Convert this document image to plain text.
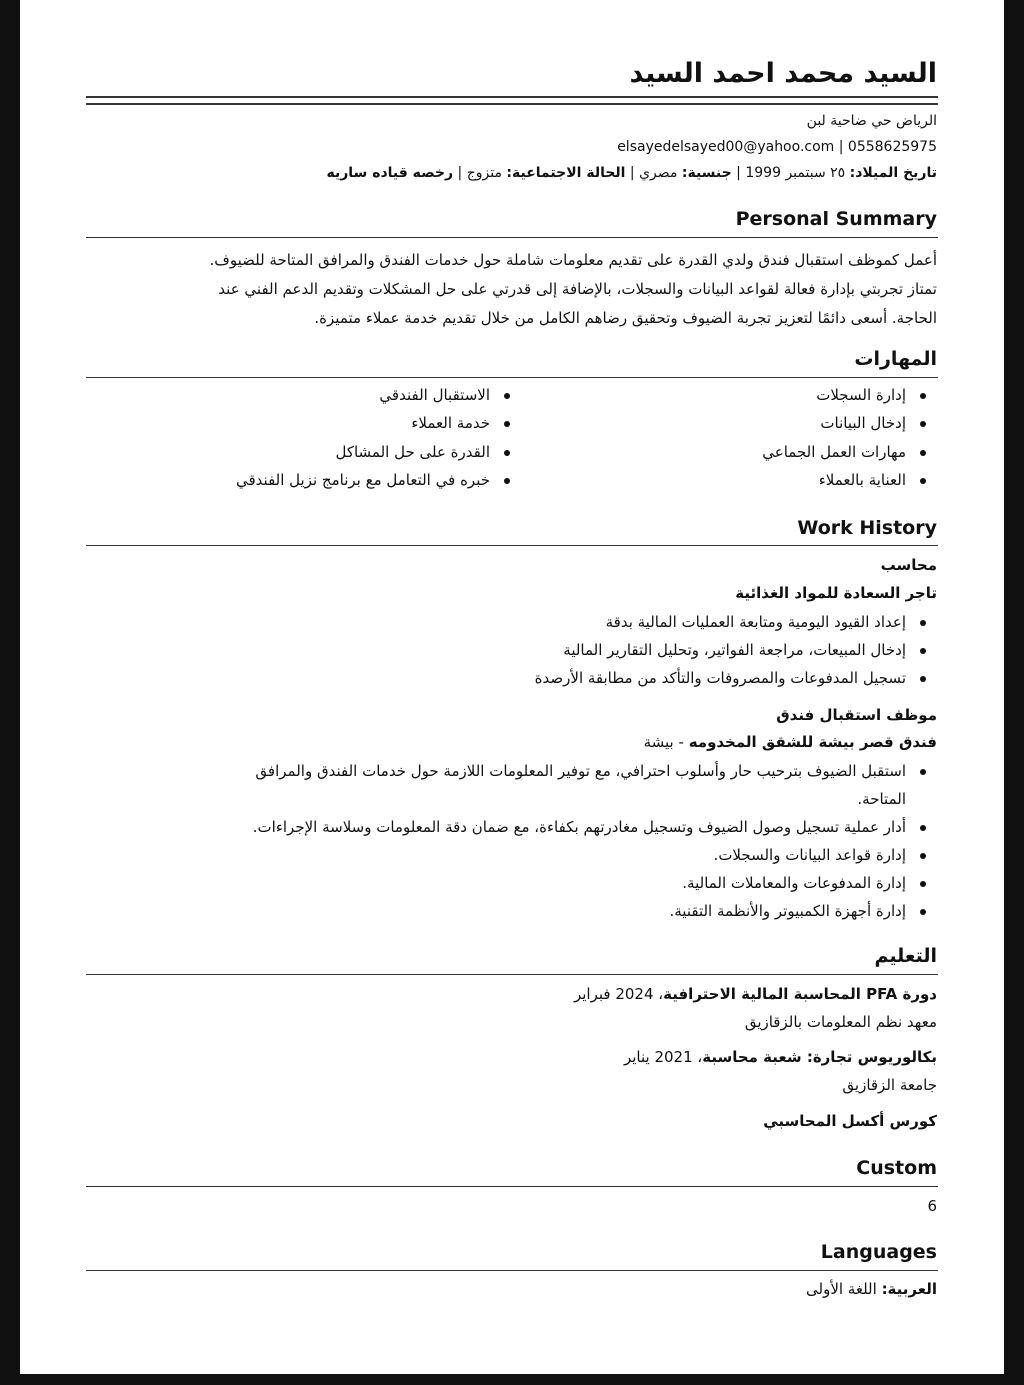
السيد محمد احمد السيد
الرياض حي ضاحية لبن
elsayedelsayed00@yahoo.com | 0558625975
تاريخ الميلاد: ٢٥ سبتمبر 1999 | جنسية: مصري | الحالة الاجتماعية: متزوج | رخصه قياده ساريه
Personal Summary
أعمل كموظف استقبال فندق ولدي القدرة على تقديم معلومات شاملة حول خدمات الفندق والمرافق المتاحة للضيوف.
تمتاز تجربتي بإدارة فعالة لقواعد البيانات والسجلات، بالإضافة إلى قدرتي على حل المشكلات وتقديم الدعم الفني عند
الحاجة. أسعى دائمًا لتعزيز تجربة الضيوف وتحقيق رضاهم الكامل من خلال تقديم خدمة عملاء متميزة.
المهارات
إدارة السجلات
إدخال البيانات
مهارات العمل الجماعي
العناية بالعملاء
الاستقبال الفندقي
خدمة العملاء
القدرة على حل المشاكل
خبره في التعامل مع برنامج نزيل الفندقي
Work History
محاسب
تاجر السعادة للمواد الغذائية
إعداد القيود اليومية ومتابعة العمليات المالية بدقة
إدخال المبيعات، مراجعة الفواتير، وتحليل التقارير المالية
تسجيل المدفوعات والمصروفات والتأكد من مطابقة الأرصدة
موظف استقبال فندق
فندق قصر بيشة للشقق المخدومه - بيشة
استقبل الضيوف بترحيب حار وأسلوب احترافي، مع توفير المعلومات اللازمة حول خدمات الفندق والمرافق
المتاحة.
أدار عملية تسجيل وصول الضيوف وتسجيل مغادرتهم بكفاءة، مع ضمان دقة المعلومات وسلاسة الإجراءات.
إدارة قواعد البيانات والسجلات.
إدارة المدفوعات والمعاملات المالية.
إدارة أجهزة الكمبيوتر والأنظمة التقنية.
التعليم
دورة PFA المحاسبة المالية الاحترافية، 2024 فبراير
معهد نظم المعلومات بالزقازيق
بكالوريوس تجارة: شعبة محاسبة، 2021 يناير
جامعة الزقازيق
كورس أكسل المحاسبي
Custom
6
Languages
العربية: اللغة الأولى
